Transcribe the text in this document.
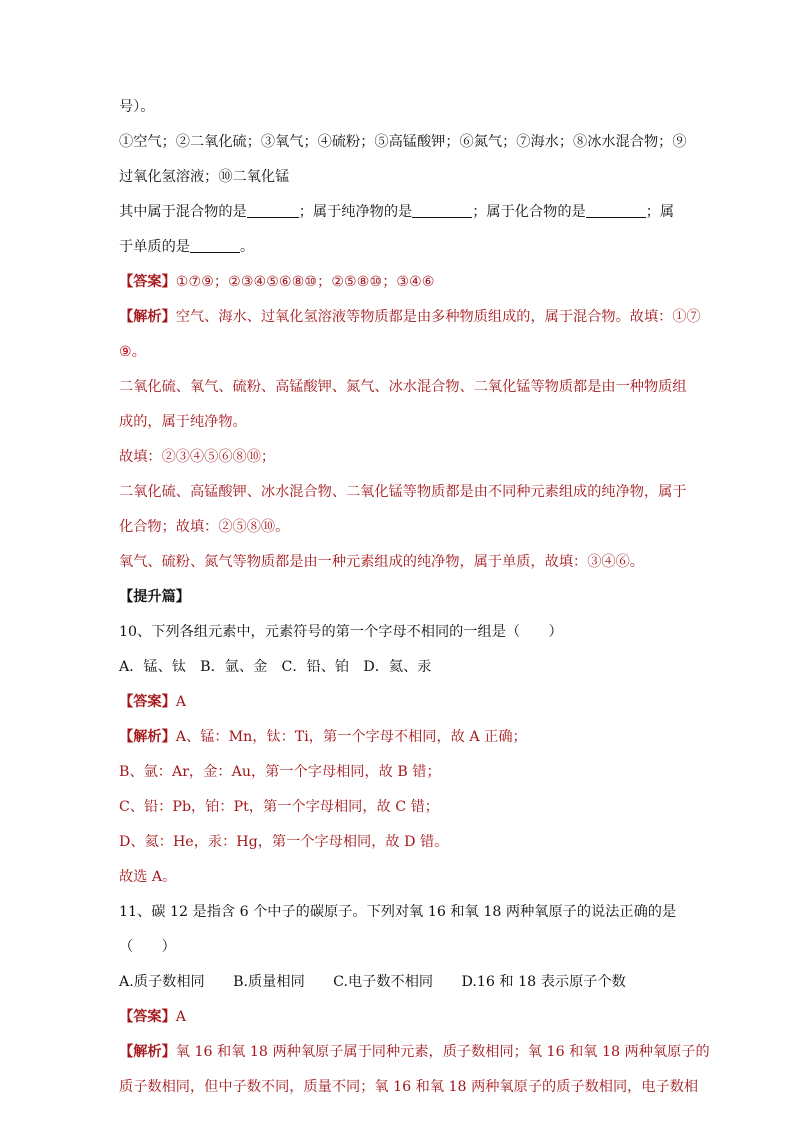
号）。
①空气；②二氧化硫；③氧气；④硫粉；⑤高锰酸钾；⑥氮气；⑦海水；⑧冰水混合物；⑨
过氧化氢溶液；⑩二氧化锰
其中属于混合物的是	；属于纯净物的是	；属于化合物的是	；属
于单质的是	。
【答案】①⑦⑨；②③④⑤⑥⑧⑩；②⑤⑧⑩；③④⑥
【解析】空气、海水、过氧化氢溶液等物质都是由多种物质组成的，属于混合物。故填：①⑦
⑨。
二氧化硫、氧气、硫粉、高锰酸钾、氮气、冰水混合物、二氧化锰等物质都是由一种物质组
成的，属于纯净物。
故填：②③④⑤⑥⑧⑩；
二氧化硫、高锰酸钾、冰水混合物、二氧化锰等物质都是由不同种元素组成的纯净物，属于
化合物；故填：②⑤⑧⑩。
氧气、硫粉、氮气等物质都是由一种元素组成的纯净物，属于单质，故填：③④⑥。
【提升篇】
10、下列各组元素中，元素符号的第一个字母不相同的一组是（　　）
A．锰、钛　B．氩、金　C．铅、铂　D．氦、汞
【答案】A
【解析】A、锰：Mn，钛：Ti，第一个字母不相同，故 A 正确；
B、氩：Ar，金：Au，第一个字母相同，故 B 错；
C、铅：Pb，铂：Pt，第一个字母相同，故 C 错；
D、氦：He，汞：Hg，第一个字母相同，故 D 错。
故选 A。
11、碳 12 是指含 6 个中子的碳原子。下列对氧 16 和氧 18 两种氧原子的说法正确的是
（　　）
A.质子数相同　　B.质量相同　　C.电子数不相同　　D.16 和 18 表示原子个数
【答案】A
【解析】氧 16 和氧 18 两种氧原子属于同种元素，质子数相同；氧 16 和氧 18 两种氧原子的
质子数相同，但中子数不同，质量不同；氧 16 和氧 18 两种氧原子的质子数相同，电子数相
